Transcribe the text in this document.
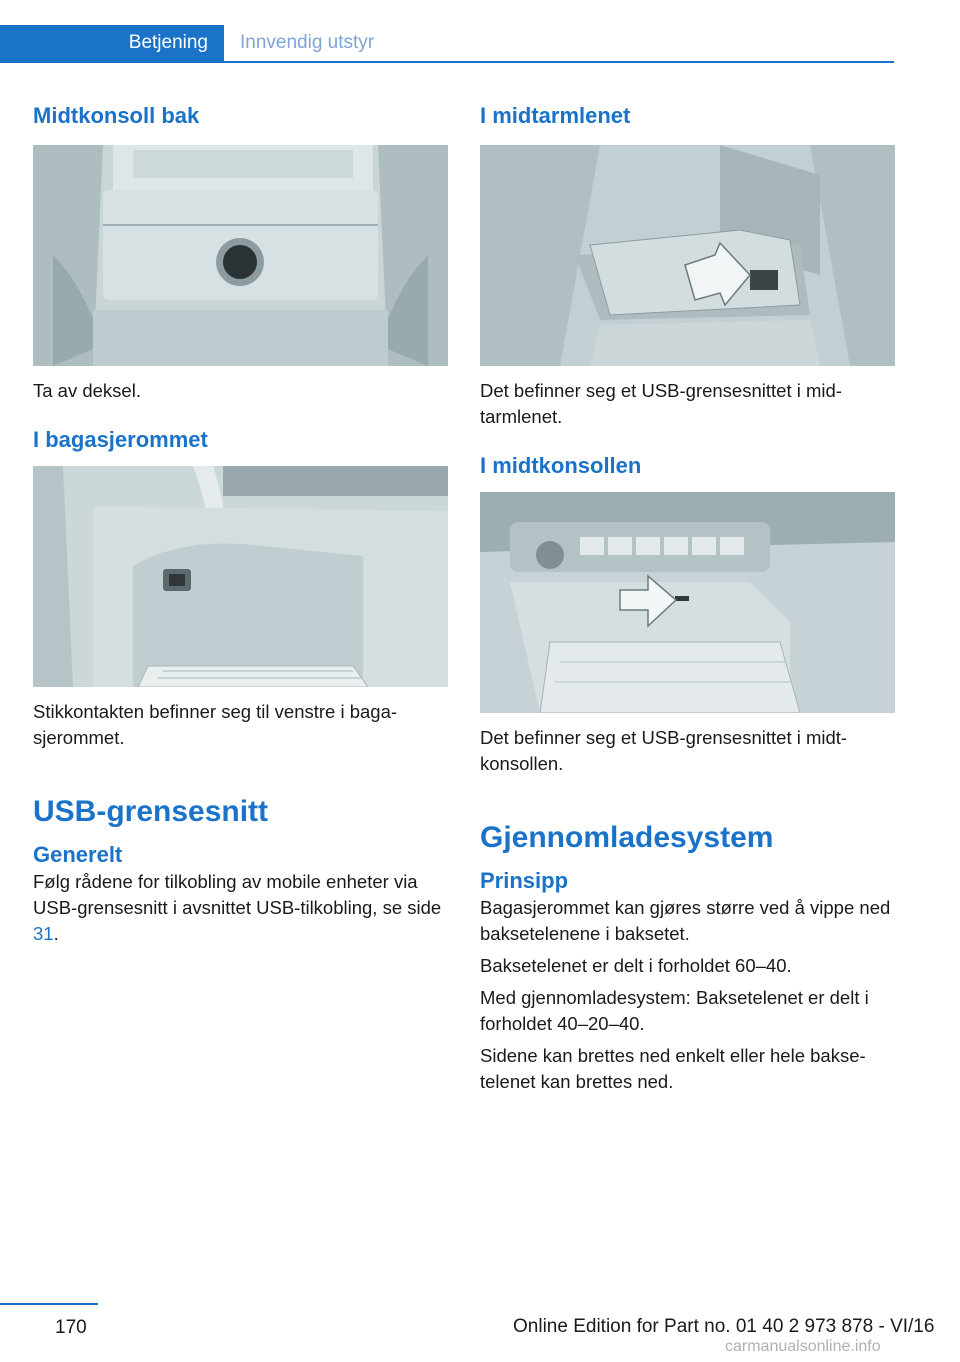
Betjening	Innvendig utstyr
Midtkonsoll bak

Ta av deksel.

I bagasjerommet

Stikkontakten befinner seg til venstre i baga‐ sjerommet.

USB-grensesnitt
Generelt

Følg rådene for tilkobling av mobile enheter via USB-grensesnitt i avsnittet USB-tilkobling, se side 31.

I midtarmlenet

Det befinner seg et USB-grensesnittet i mid‐ tarmlenet.

I midtkonsollen

Det befinner seg et USB-grensesnittet i midt‐ konsollen.

Gjennomladesystem
Prinsipp

Bagasjerommet kan gjøres større ved å vippe ned baksetelenene i baksetet.

Baksetelenet er delt i forholdet 60–40.

Med gjennomladesystem: Baksetelenet er delt i forholdet 40–20–40.

Sidene kan brettes ned enkelt eller hele bakse‐ telenet kan brettes ned.

170	Online Edition for Part no. 01 40 2 973 878 - VI/16
carmanualsonline.info
